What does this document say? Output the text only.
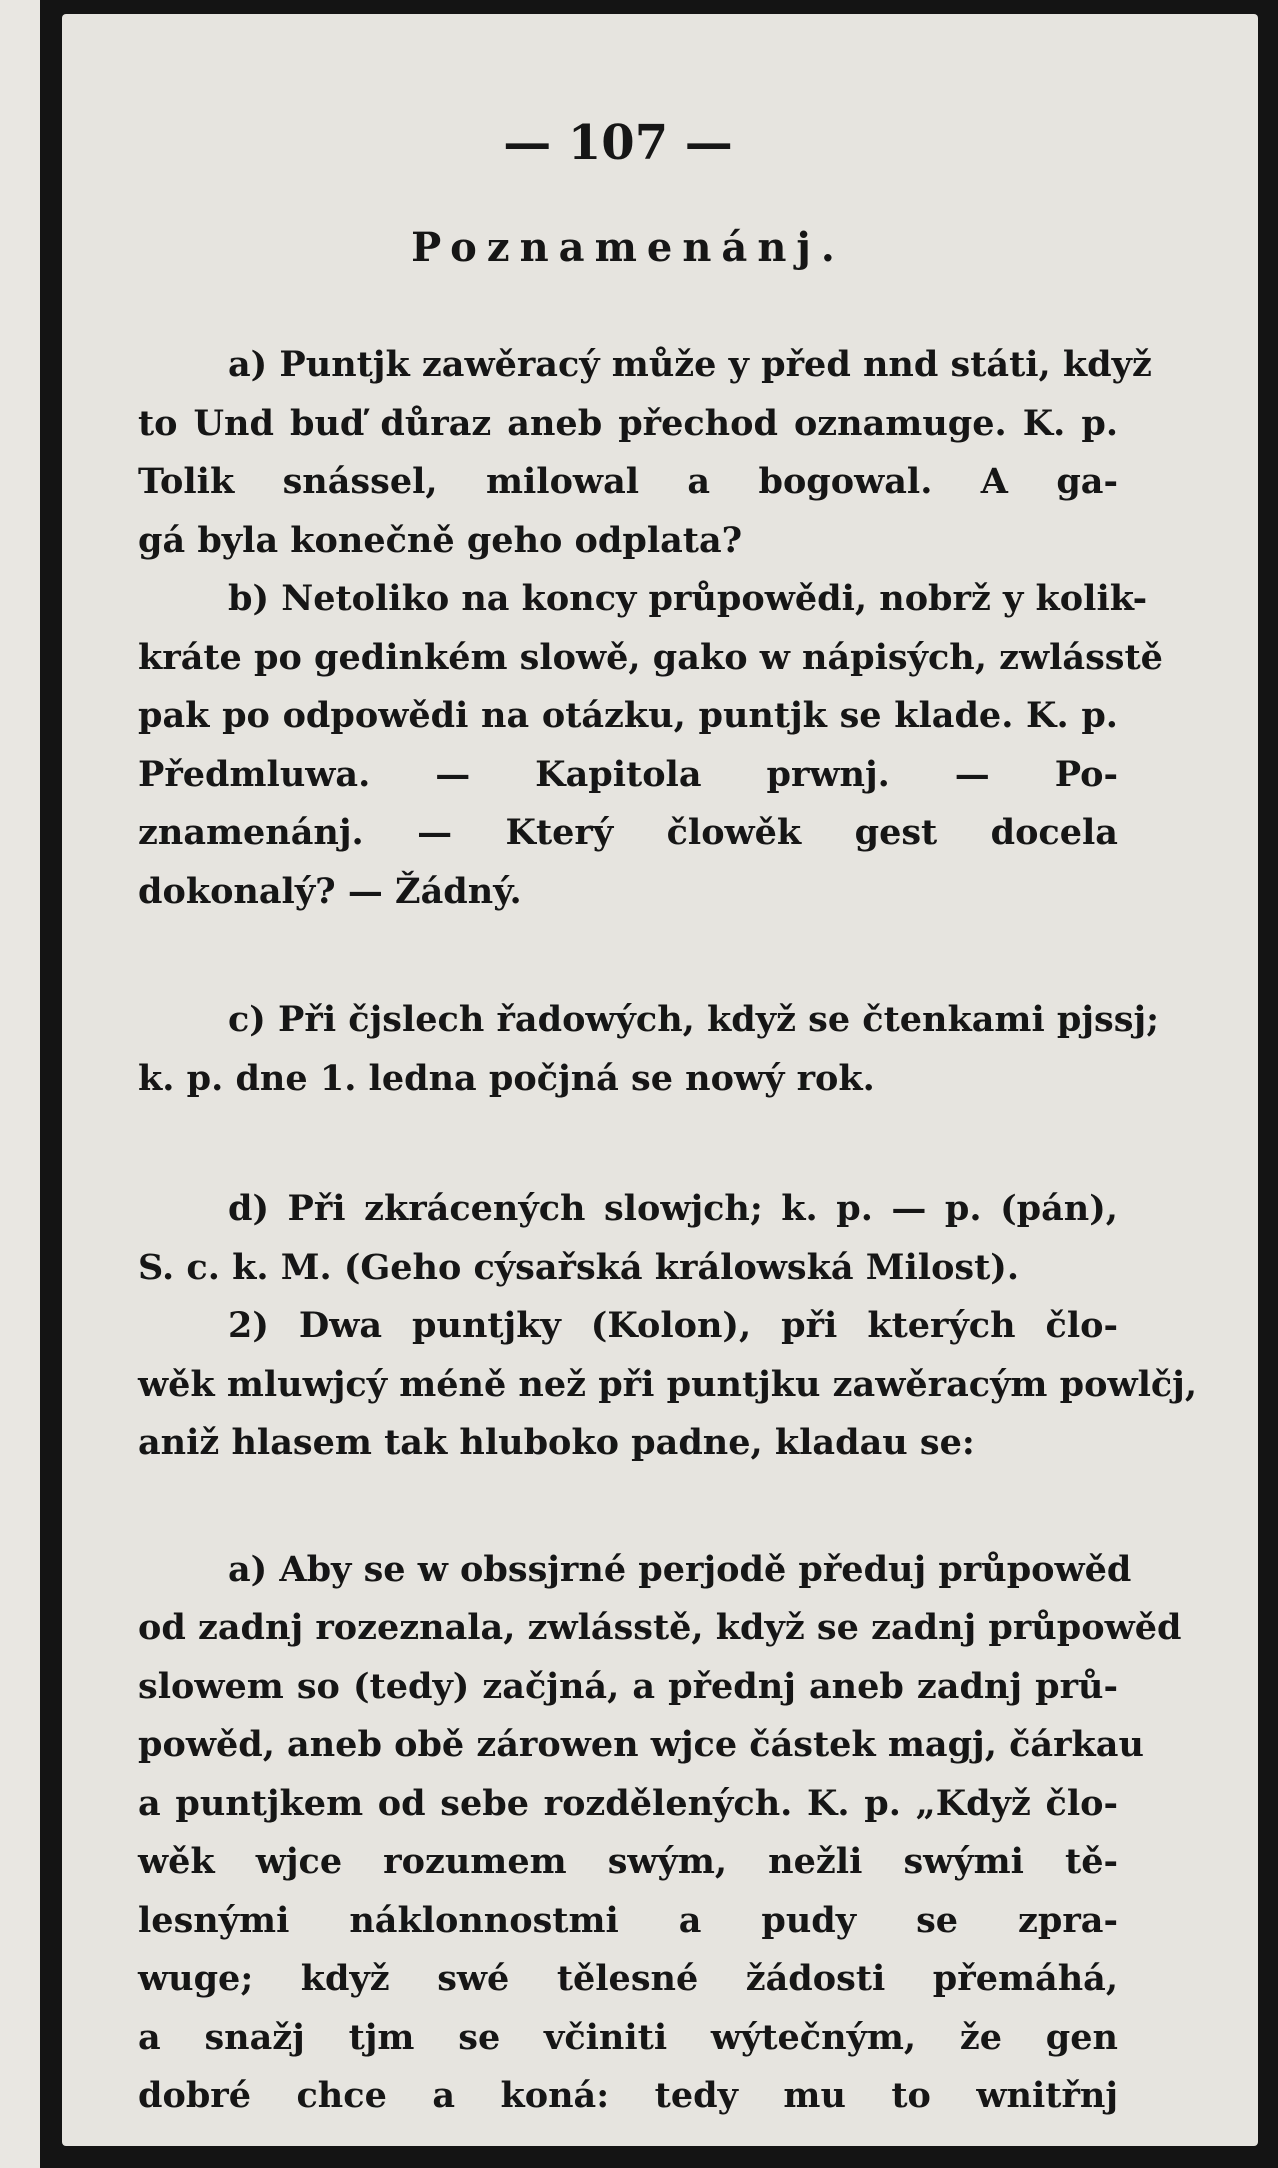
— 107 —
Poznamenánj.
a) Puntjk zawěracý může y před nnd státi, když
to Und buď důraz aneb přechod oznamuge. K. p.
Tolik snássel, milowal a bogowal. A ga-
gá byla konečně geho odplata?
b) Netoliko na koncy průpowědi, nobrž y kolik-
kráte po gedinkém slowě, gako w nápisých, zwlásstě
pak po odpowědi na otázku, puntjk se klade. K. p.
Předmluwa. — Kapitola prwnj. — Po-
znamenánj. — Který člowěk gest docela
dokonalý? — Žádný.
c) Při čjslech řadowých, když se čtenkami pjssj;
k. p. dne 1. ledna počjná se nowý rok.
d) Při zkrácených slowjch; k. p. — p. (pán),
S. c. k. M. (Geho cýsařská králowská Milost).
2) Dwa puntjky (Kolon), při kterých člo-
wěk mluwjcý méně než při puntjku zawěracým powlčj,
aniž hlasem tak hluboko padne, kladau se:
a) Aby se w obssjrné perjodě předuj průpowěd
od zadnj rozeznala, zwlásstě, když se zadnj průpowěd
slowem so (tedy) začjná, a přednj aneb zadnj prů-
powěd, aneb obě zárowen wjce částek magj, čárkau
a puntjkem od sebe rozdělených. K. p. „Když člo-
wěk wjce rozumem swým, nežli swými tě-
lesnými náklonnostmi a pudy se zpra-
wuge; když swé tělesné žádosti přemáhá,
a snažj tjm se včiniti wýtečným, že gen
dobré chce a koná: tedy mu to wnitřnj
